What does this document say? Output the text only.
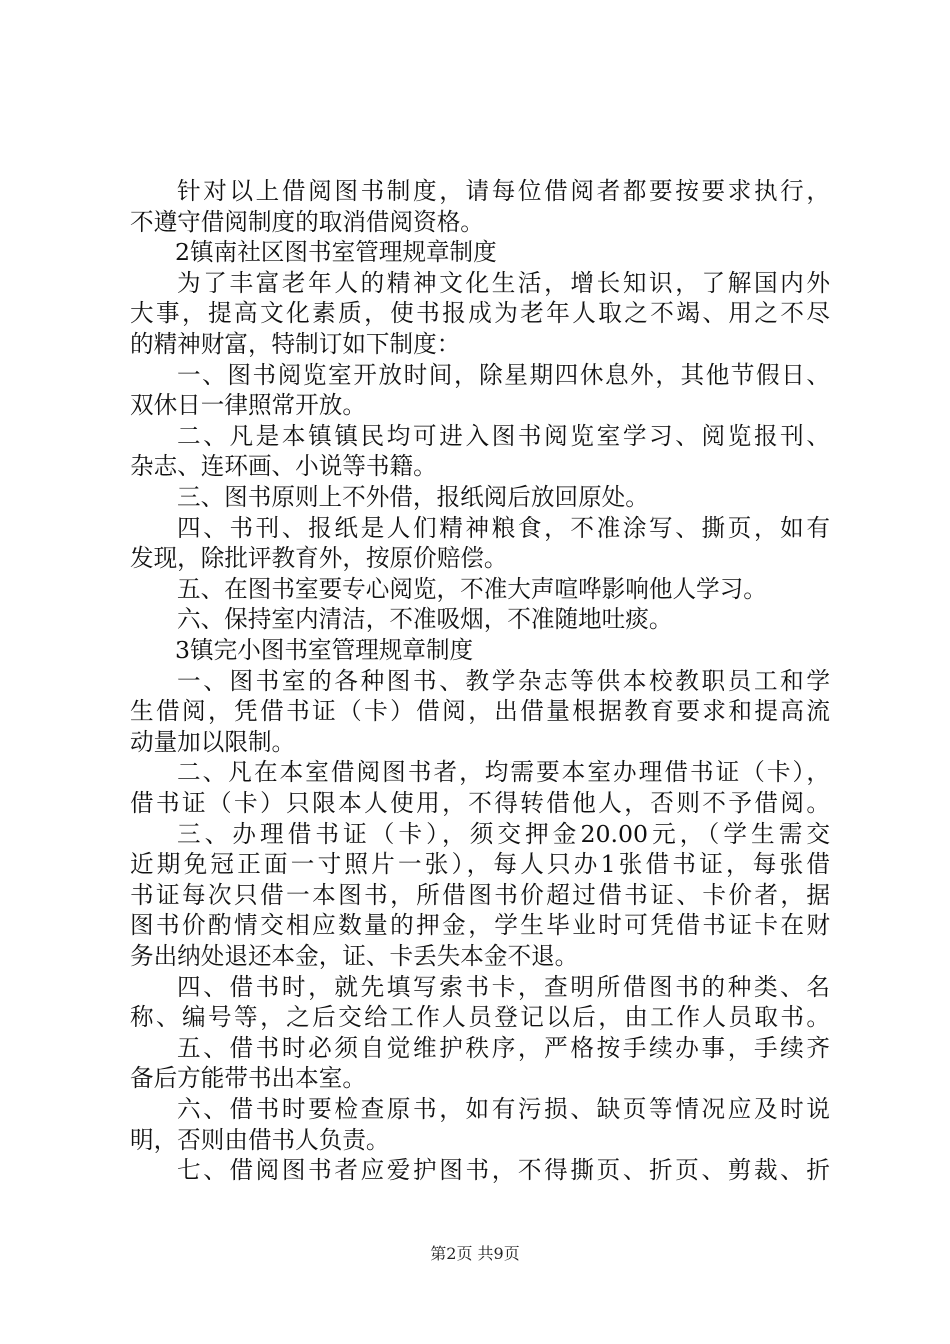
针对以上借阅图书制度，请每位借阅者都要按要求执行，
不遵守借阅制度的取消借阅资格。
2镇南社区图书室管理规章制度
为了丰富老年人的精神文化生活，增长知识，了解国内外
大事，提高文化素质，使书报成为老年人取之不竭、用之不尽
的精神财富，特制订如下制度：
一、图书阅览室开放时间，除星期四休息外，其他节假日、
双休日一律照常开放。
二、凡是本镇镇民均可进入图书阅览室学习、阅览报刊、
杂志、连环画、小说等书籍。
三、图书原则上不外借，报纸阅后放回原处。
四、书刊、报纸是人们精神粮食，不准涂写、撕页，如有
发现，除批评教育外，按原价赔偿。
五、在图书室要专心阅览，不准大声喧哗影响他人学习。
六、保持室内清洁，不准吸烟，不准随地吐痰。
3镇完小图书室管理规章制度
一、图书室的各种图书、教学杂志等供本校教职员工和学
生借阅，凭借书证（卡）借阅，出借量根据教育要求和提高流
动量加以限制。
二、凡在本室借阅图书者，均需要本室办理借书证（卡），
借书证（卡）只限本人使用，不得转借他人，否则不予借阅。
三、办理借书证（卡），须交押金20.00元，（学生需交
近期免冠正面一寸照片一张），每人只办1张借书证，每张借
书证每次只借一本图书，所借图书价超过借书证、卡价者，据
图书价酌情交相应数量的押金，学生毕业时可凭借书证卡在财
务出纳处退还本金，证、卡丢失本金不退。
四、借书时，就先填写索书卡，查明所借图书的种类、名
称、编号等，之后交给工作人员登记以后，由工作人员取书。
五、借书时必须自觉维护秩序，严格按手续办事，手续齐
备后方能带书出本室。
六、借书时要检查原书，如有污损、缺页等情况应及时说
明，否则由借书人负责。
七、借阅图书者应爱护图书，不得撕页、折页、剪裁、折
第2页 共9页
